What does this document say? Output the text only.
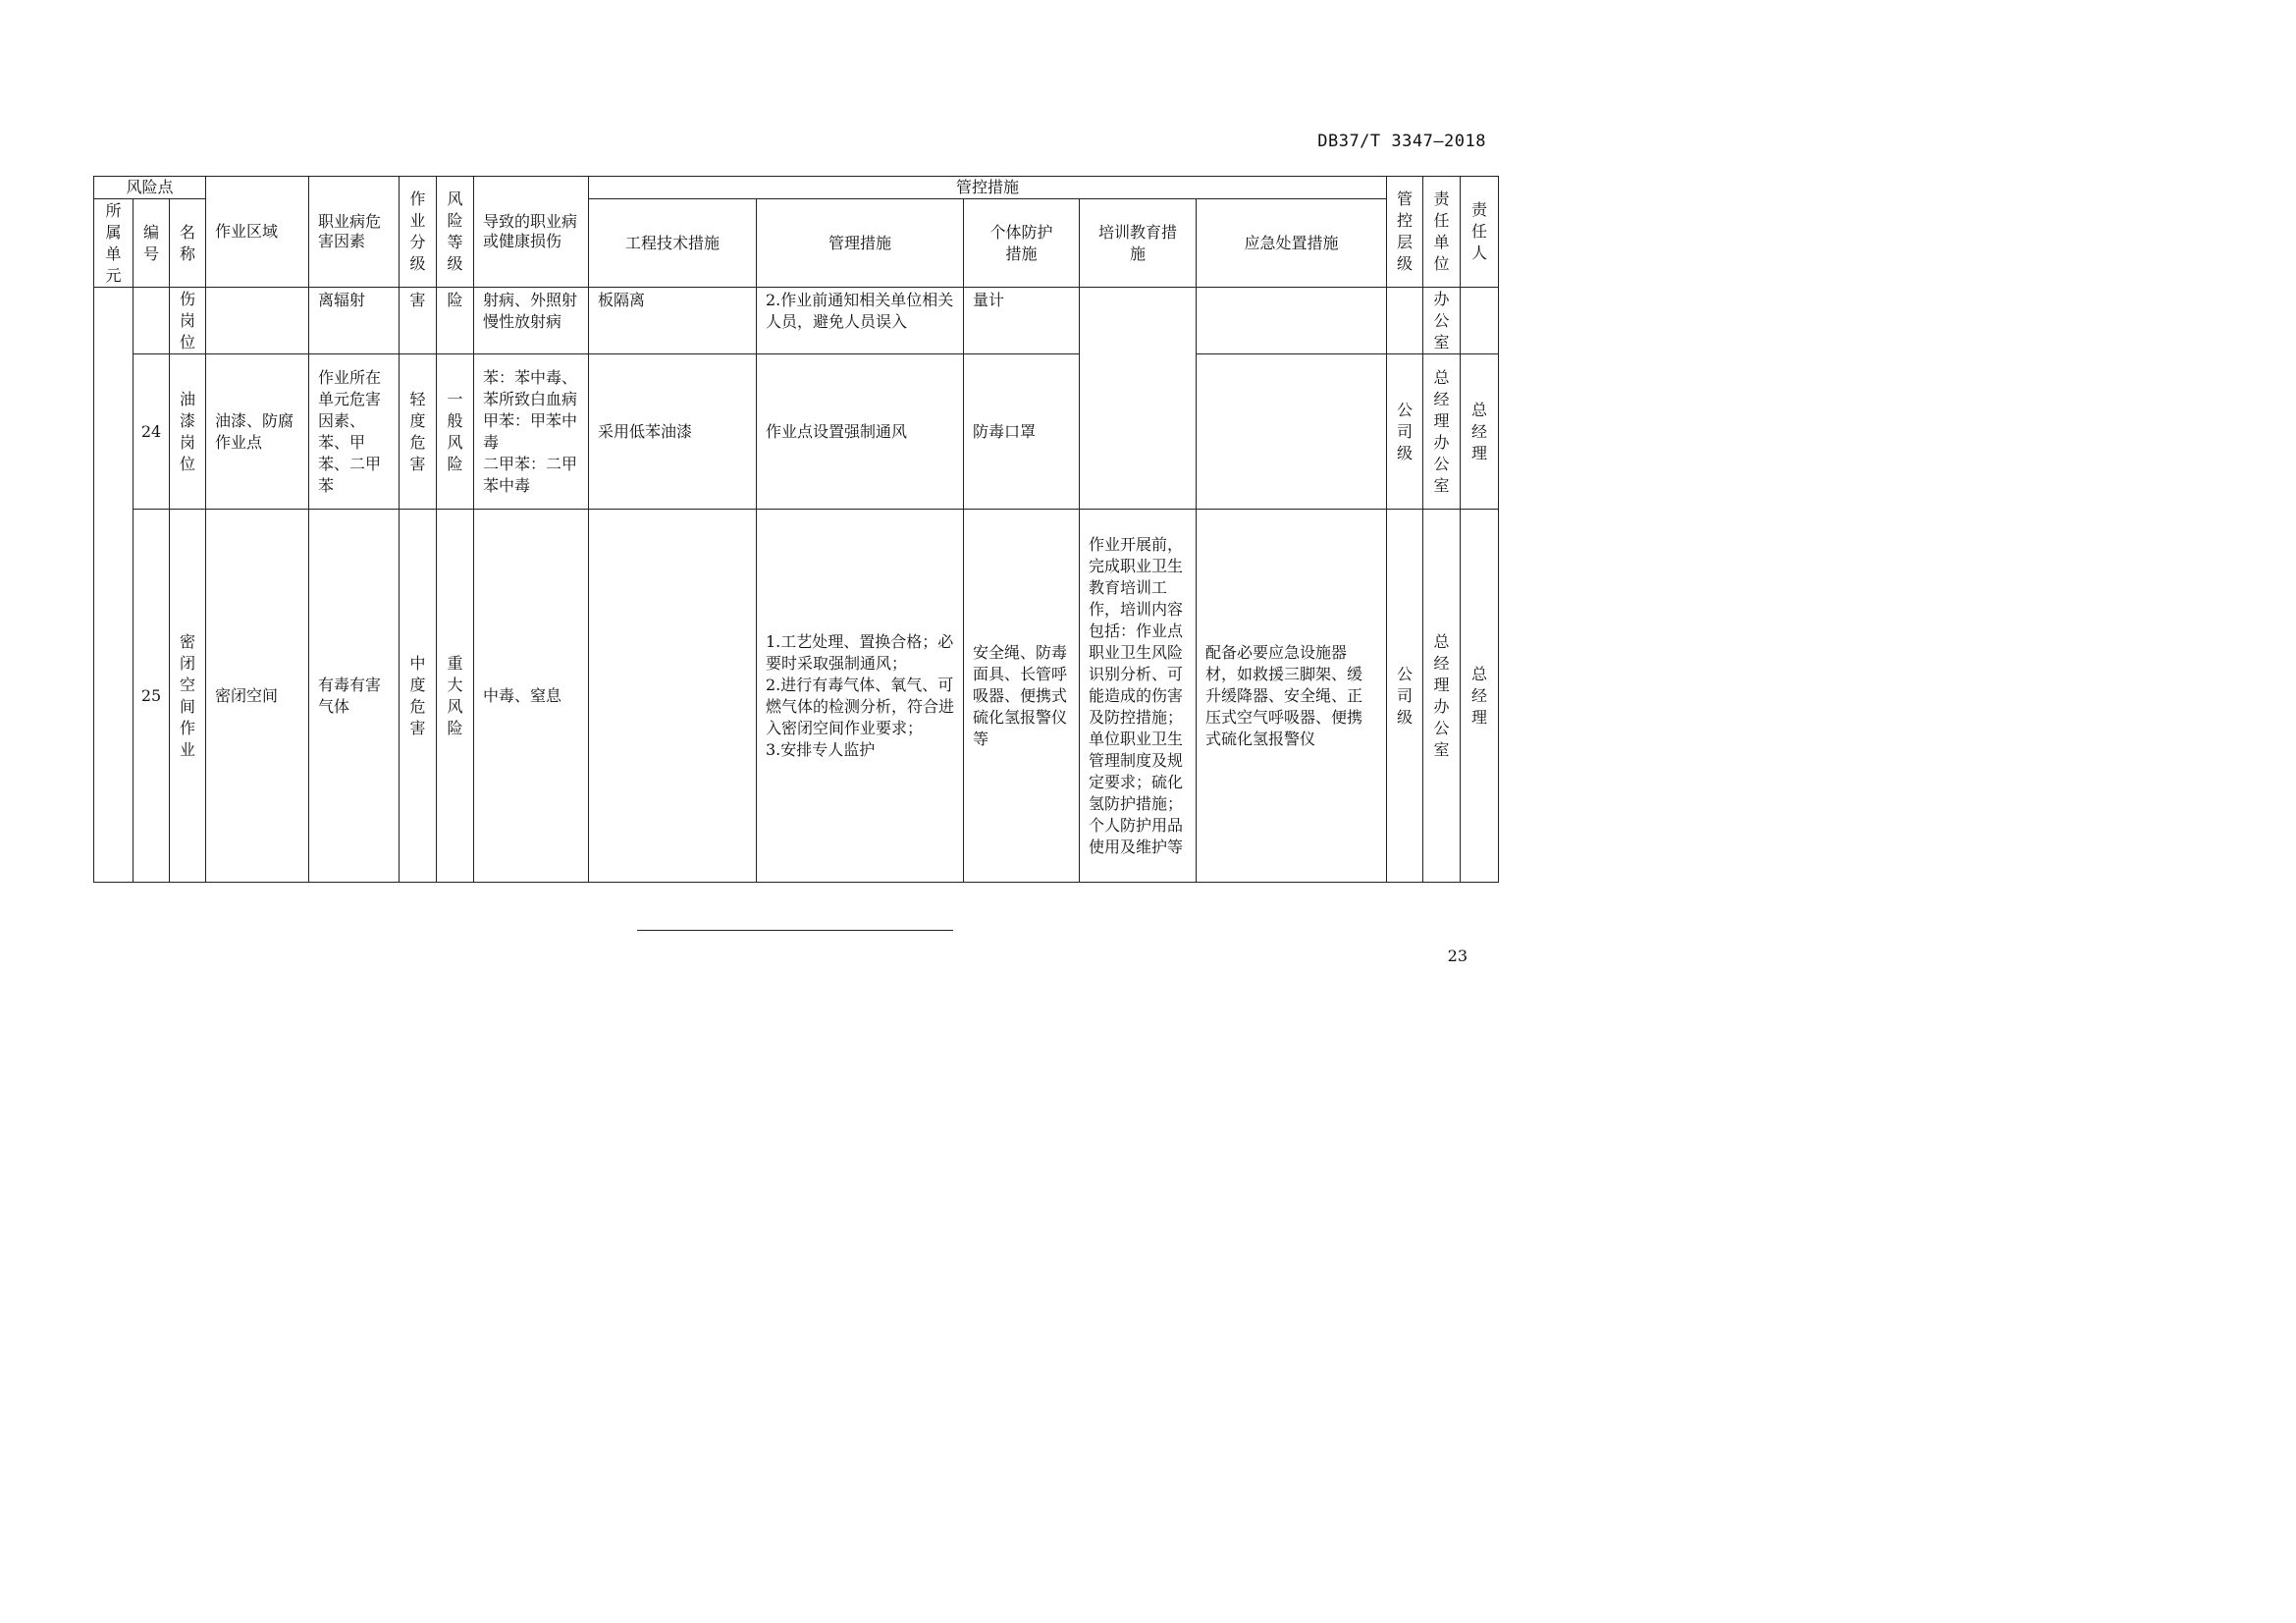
DB37/T 3347—2018
风险点			作业区域	职业病危害因素	作业分级	风险等级	导致的职业病或健康损伤	管控措施					管控层级	责任单位	责任人
所属单元	编号	名称						工程技术措施	管理措施	个体防护措施	培训教育措施	应急处置措施			
		伤岗位		离辐射	害	险	射病、外照射慢性放射病	板隔离	2.作业前通知相关单位相关人员，避免人员误入	量计				办公室	
	24	油漆岗位	油漆、防腐作业点	作业所在单元危害因素、苯、甲苯、二甲苯	轻度危害	一般风险	苯：苯中毒、苯所致白血病
甲苯：甲苯中毒
二甲苯：二甲苯中毒	采用低苯油漆	作业点设置强制通风	防毒口罩			公司级	总经理办公室	总经理
	25	密闭空间作业	密闭空间	有毒有害气体	中度危害	重大风险	中毒、窒息		1.工艺处理、置换合格；必要时采取强制通风；
2.进行有毒气体、氧气、可燃气体的检测分析，符合进入密闭空间作业要求；
3.安排专人监护	安全绳、防毒面具、长管呼吸器、便携式硫化氢报警仪等	作业开展前，完成职业卫生教育培训工作，培训内容包括：作业点职业卫生风险识别分析、可能造成的伤害及防控措施；单位职业卫生管理制度及规定要求；硫化氢防护措施；个人防护用品使用及维护等	配备必要应急设施器材，如救援三脚架、缓升缓降器、安全绳、正压式空气呼吸器、便携式硫化氢报警仪	公司级	总经理办公室	总经理
23
